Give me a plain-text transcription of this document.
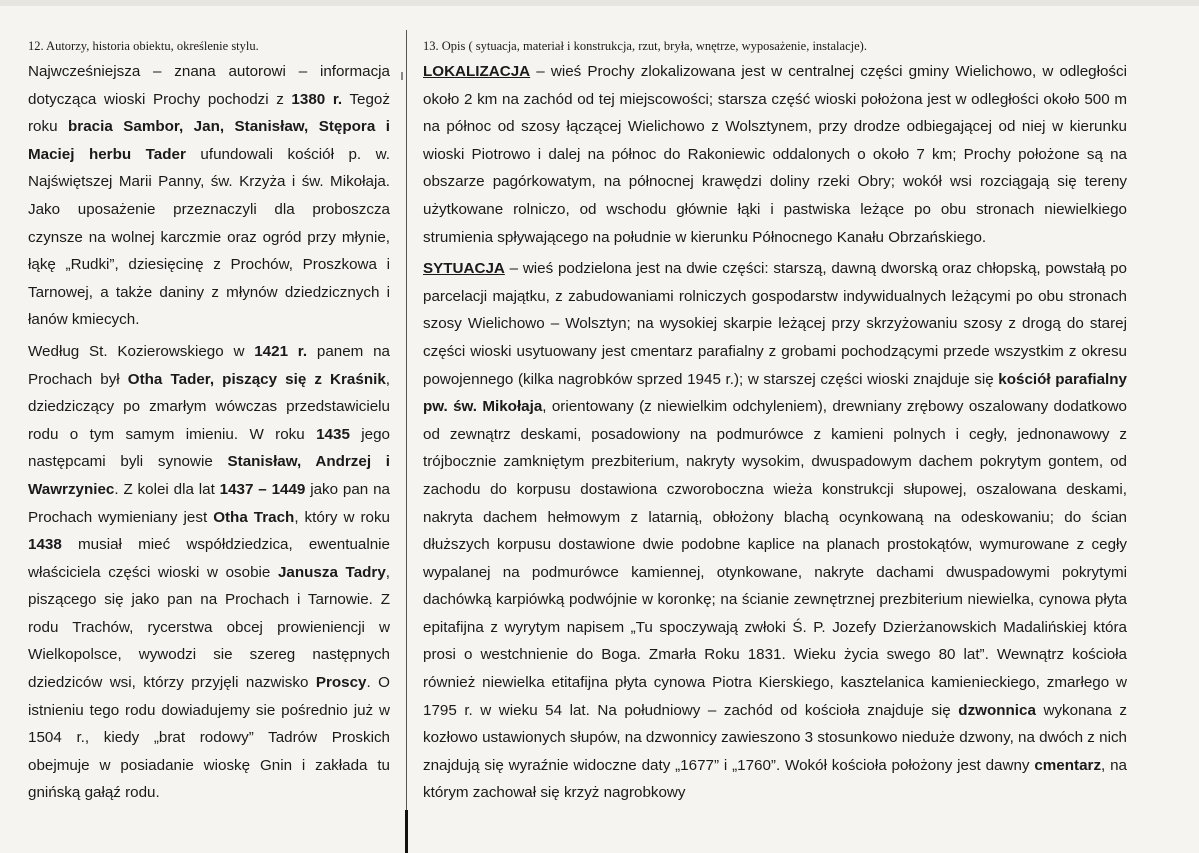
12. Autorzy, historia obiektu, określenie stylu.

Najwcześniejsza – znana autorowi – informacja dotycząca wioski Prochy pochodzi z 1380 r. Tegoż roku bracia Sambor, Jan, Stanisław, Stępora i Maciej herbu Tader ufundowali kościół p. w. Najświętszej Marii Panny, św. Krzyża i św. Mikołaja. Jako uposażenie przeznaczyli dla proboszcza czynsze na wolnej karczmie oraz ogród przy młynie, łąkę „Rudki”, dziesięcinę z Prochów, Proszkowa i Tarnowej, a także daniny z młynów dziedzicznych i łanów kmiecych.

Według St. Kozierowskiego w 1421 r. panem na Prochach był Otha Tader, piszący się z Kraśnik, dziedziczący po zmarłym wówczas przedstawicielu rodu o tym samym imieniu. W roku 1435 jego następcami byli synowie Stanisław, Andrzej i Wawrzyniec. Z kolei dla lat 1437 – 1449 jako pan na Prochach wymieniany jest Otha Trach, który w roku 1438 musiał mieć współdziedzica, ewentualnie właściciela części wioski w osobie Janusza Tadry, piszącego się jako pan na Prochach i Tarnowie. Z rodu Trachów, rycerstwa obcej prowieniencji w Wielkopolsce, wywodzi sie szereg następnych dziedziców wsi, którzy przyjęli nazwisko Proscy. O istnieniu tego rodu dowiadujemy sie pośrednio już w 1504 r., kiedy „brat rodowy” Tadrów Proskich obejmuje w posiadanie wioskę Gnin i zakłada tu gnińską gałąź rodu.

13. Opis ( sytuacja, materiał i konstrukcja, rzut, bryła, wnętrze, wyposażenie, instalacje).

LOKALIZACJA – wieś Prochy zlokalizowana jest w centralnej części gminy Wielichowo, w odległości około 2 km na zachód od tej miejscowości; starsza część wioski położona jest w odległości około 500 m na północ od szosy łączącej Wielichowo z Wolsztynem, przy drodze odbiegającej od niej w kierunku wioski Piotrowo i dalej na północ do Rakoniewic oddalonych o około 7 km; Prochy położone są na obszarze pagórkowatym, na północnej krawędzi doliny rzeki Obry; wokół wsi rozciągają się tereny użytkowane rolniczo, od wschodu głównie łąki i pastwiska leżące po obu stronach niewielkiego strumienia spływającego na południe w kierunku Północnego Kanału Obrzańskiego.

SYTUACJA – wieś podzielona jest na dwie części: starszą, dawną dworską oraz chłopską, powstałą po parcelacji majątku, z zabudowaniami rolniczych gospodarstw indywidualnych leżącymi po obu stronach szosy Wielichowo – Wolsztyn; na wysokiej skarpie leżącej przy skrzyżowaniu szosy z drogą do starej części wioski usytuowany jest cmentarz parafialny z grobami pochodzącymi przede wszystkim z okresu powojennego (kilka nagrobków sprzed 1945 r.); w starszej części wioski znajduje się kościół parafialny pw. św. Mikołaja, orientowany (z niewielkim odchyleniem), drewniany zrębowy oszalowany dodatkowo od zewnątrz deskami, posadowiony na podmurówce z kamieni polnych i cegły, jednonawowy z trójbocznie zamkniętym prezbiterium, nakryty wysokim, dwuspadowym dachem pokrytym gontem, od zachodu do korpusu dostawiona czworoboczna wieża konstrukcji słupowej, oszalowana deskami, nakryta dachem hełmowym z latarnią, obłożony blachą ocynkowaną na odeskowaniu; do ścian dłuższych korpusu dostawione dwie podobne kaplice na planach prostokątów, wymurowane z cegły wypalanej na podmurówce kamiennej, otynkowane, nakryte dachami dwuspadowymi pokrytymi dachówką karpiówką podwójnie w koronkę; na ścianie zewnętrznej prezbiterium niewielka, cynowa płyta epitafijna z wyrytym napisem „Tu spoczywają zwłoki Ś. P. Jozefy Dzierżanowskich Madalińskiej która prosi o westchnienie do Boga. Zmarła Roku 1831. Wieku życia swego 80 lat”. Wewnątrz kościoła również niewielka etitafijna płyta cynowa Piotra Kierskiego, kasztelanica kamienieckiego, zmarłego w 1795 r. w wieku 54 lat. Na południowy – zachód od kościoła znajduje się dzwonnica wykonana z kozłowo ustawionych słupów, na dzwonnicy zawieszono 3 stosunkowo nieduże dzwony, na dwóch z nich znajdują się wyraźnie widoczne daty „1677” i „1760”. Wokół kościoła położony jest dawny cmentarz, na którym zachował się krzyż nagrobkowy
